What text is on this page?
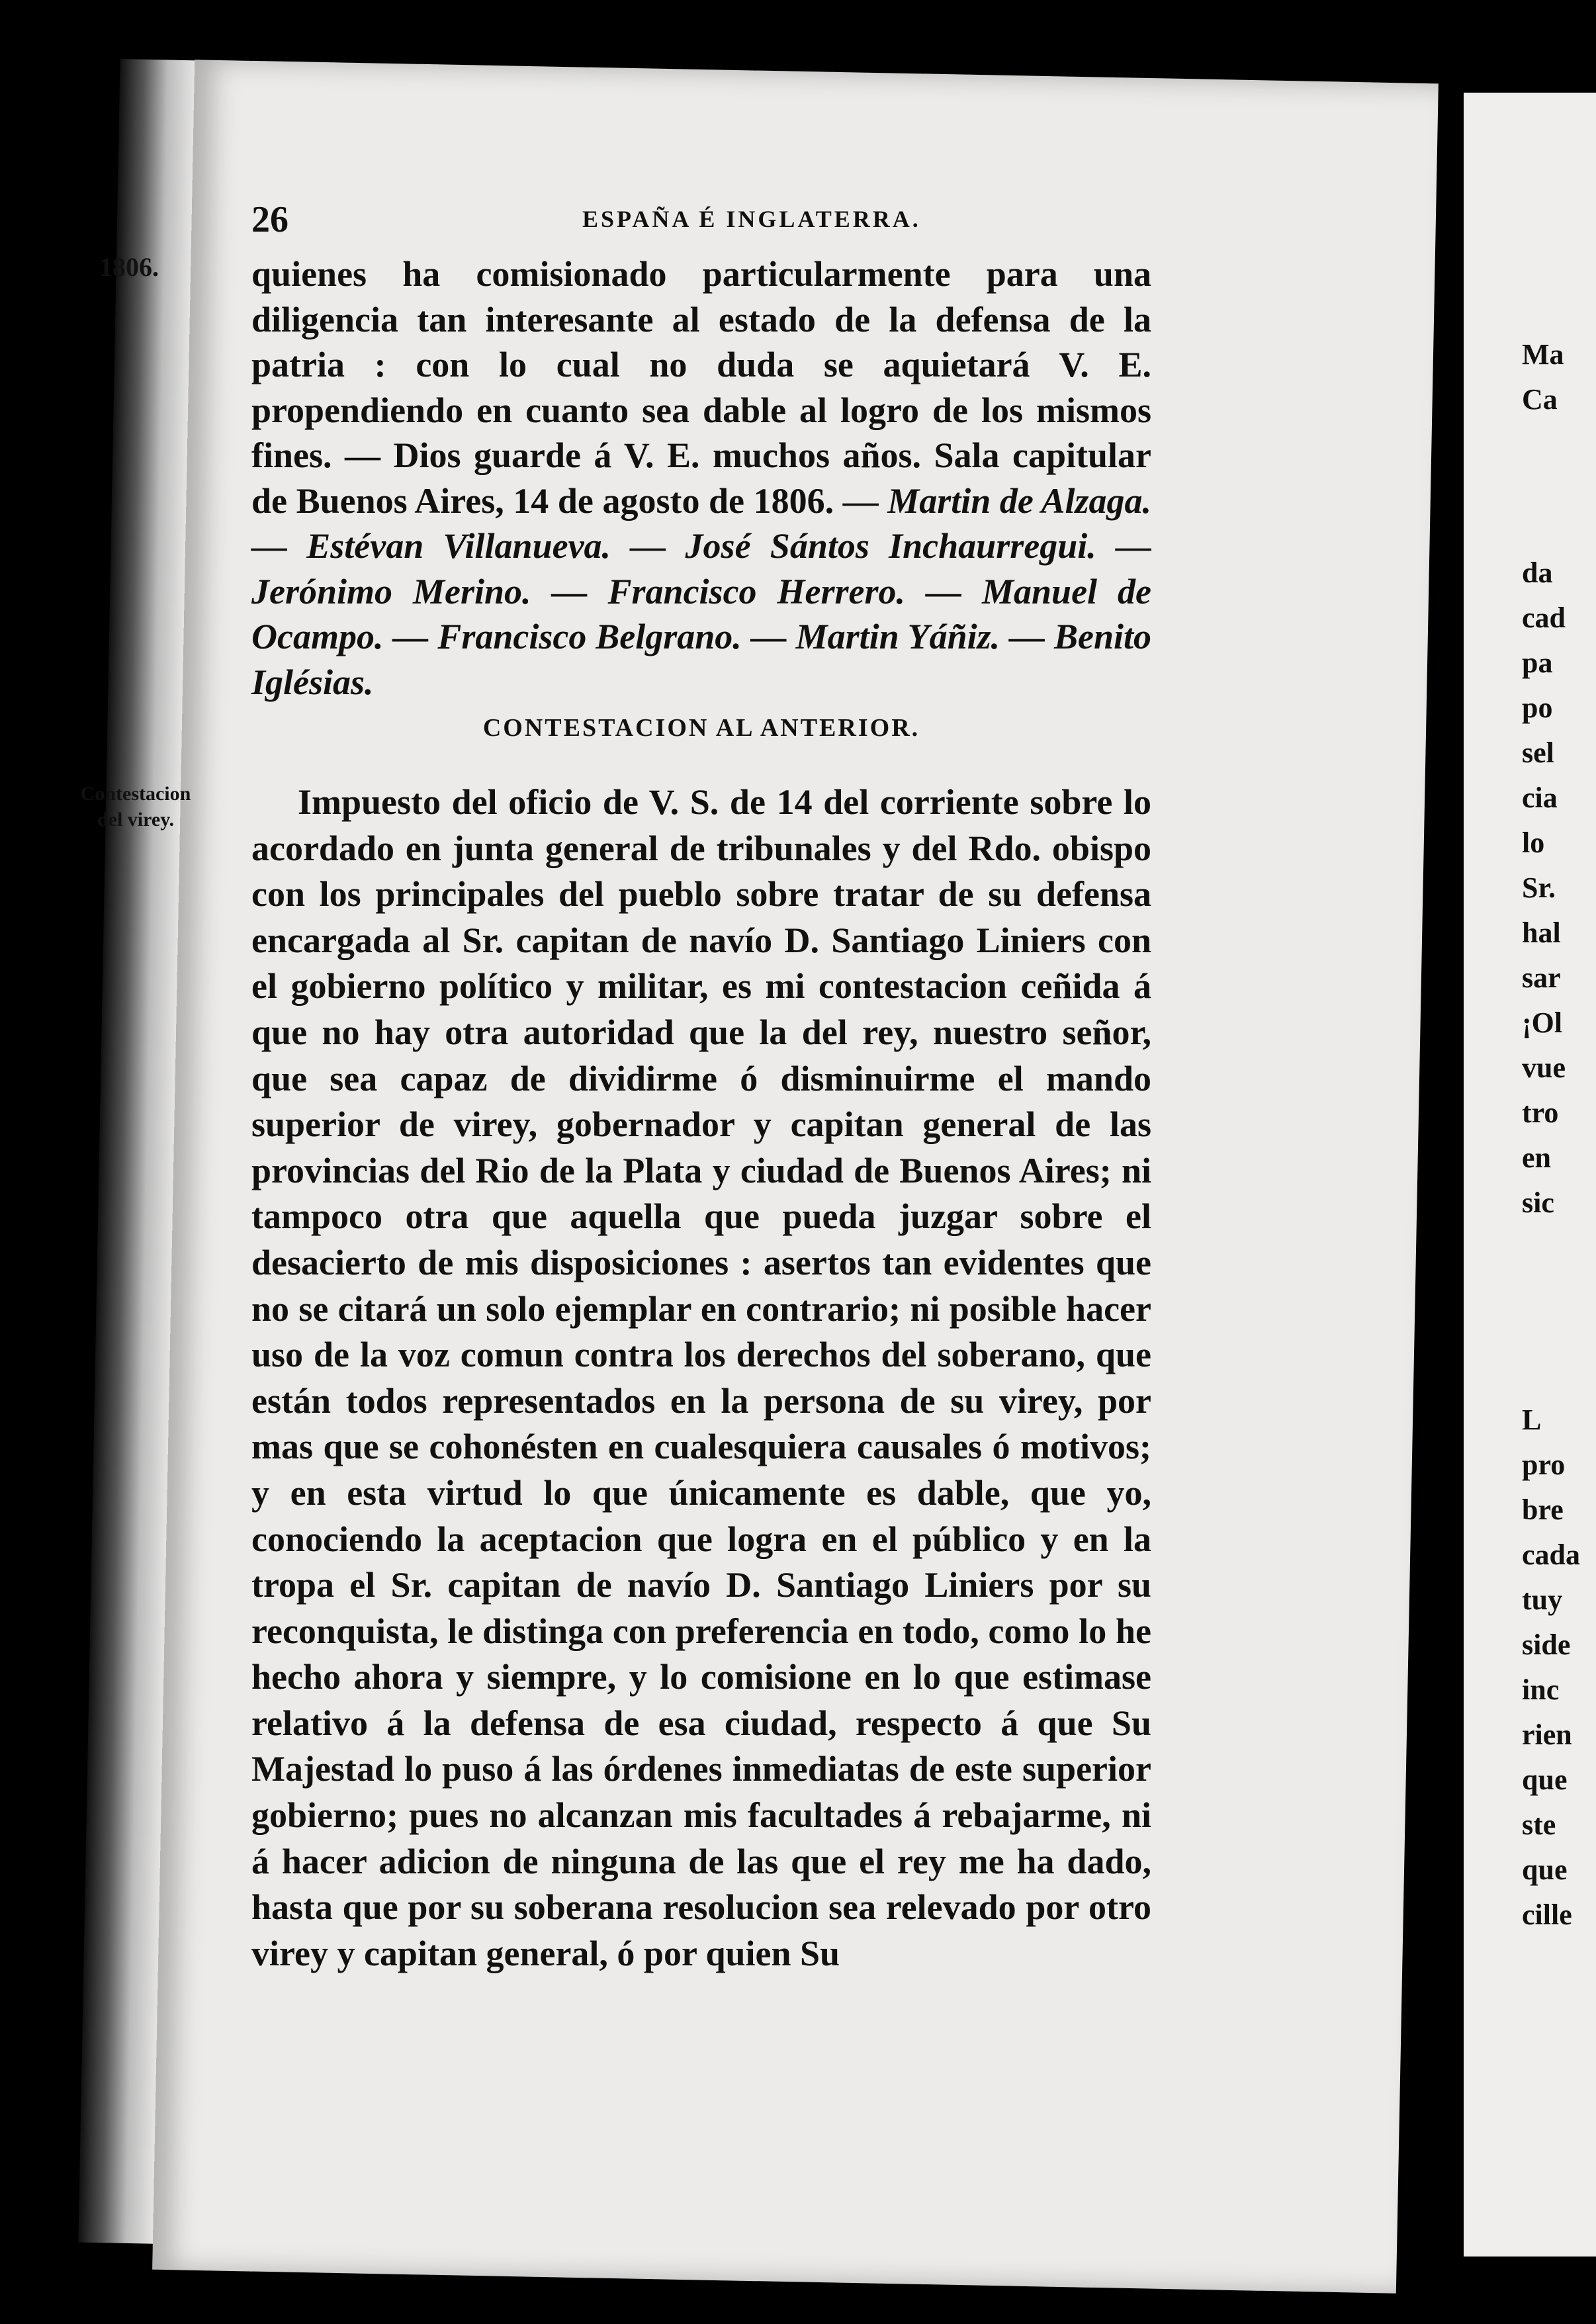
Ma
Ca
da
cad
pa
po
sel
cia
lo
Sr.
hal
sar
¡Ol
vue
tro
en
sic
L
pro
bre
cada
tuy
side
inc
rien
que
ste
que
cille
26	ESPAÑA É INGLATERRA.
1806.
Contestacion
del virey.
quienes ha comisionado particularmente para una diligencia tan interesante al estado de la defensa de la patria : con lo cual no duda se aquietará V. E. propendiendo en cuanto sea dable al logro de los mismos fines. — Dios guarde á V. E. muchos años. Sala capitular de Buenos Aires, 14 de agosto de 1806. — Martin de Alzaga. — Estévan Villanueva. — José Sántos Inchaurregui. — Jerónimo Merino. — Francisco Herrero. — Manuel de Ocampo. — Francisco Belgrano. — Martin Yáñiz. — Benito Iglésias.
CONTESTACION AL ANTERIOR.
Impuesto del oficio de V. S. de 14 del corriente sobre lo acordado en junta general de tribunales y del Rdo. obispo con los principales del pueblo sobre tratar de su defensa encargada al Sr. capitan de navío D. Santiago Liniers con el gobierno político y militar, es mi contestacion ceñida á que no hay otra autoridad que la del rey, nuestro señor, que sea capaz de dividirme ó disminuirme el mando superior de virey, gobernador y capitan general de las provincias del Rio de la Plata y ciudad de Buenos Aires; ni tampoco otra que aquella que pueda juzgar sobre el desacierto de mis disposiciones : asertos tan evidentes que no se citará un solo ejemplar en contrario; ni posible hacer uso de la voz comun contra los derechos del soberano, que están todos representados en la persona de su virey, por mas que se cohonésten en cualesquiera causales ó motivos; y en esta virtud lo que únicamente es dable, que yo, conociendo la aceptacion que logra en el público y en la tropa el Sr. capitan de navío D. Santiago Liniers por su reconquista, le distinga con preferencia en todo, como lo he hecho ahora y siempre, y lo comisione en lo que estimase relativo á la defensa de esa ciudad, respecto á que Su Majestad lo puso á las órdenes inmediatas de este superior gobierno; pues no alcanzan mis facultades á rebajarme, ni á hacer adicion de ninguna de las que el rey me ha dado, hasta que por su soberana resolucion sea relevado por otro virey y capitan general, ó por quien Su
